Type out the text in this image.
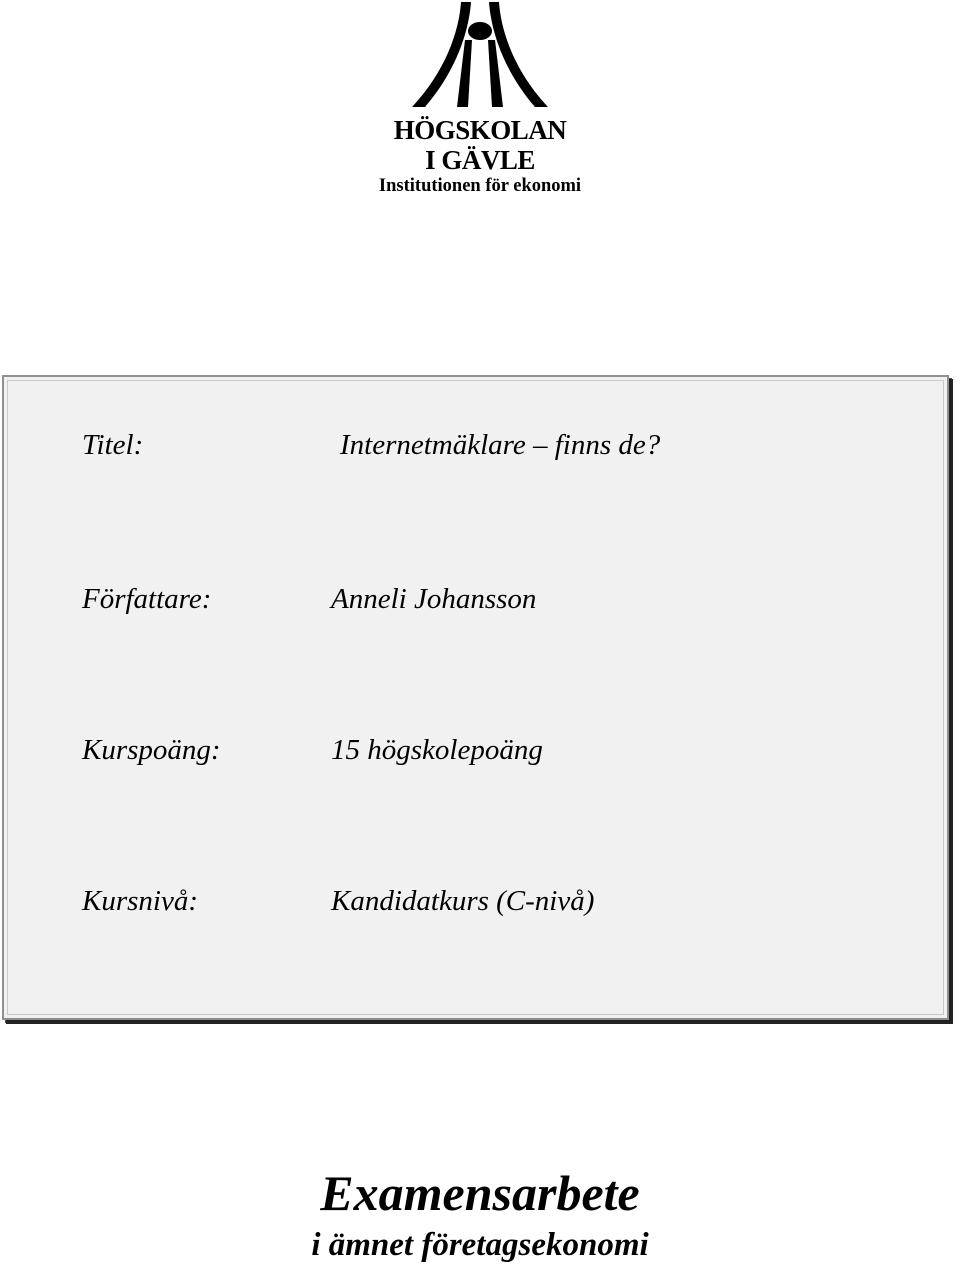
HÖGSKOLAN
I GÄVLE
Institutionen för ekonomi
Titel:	Internetmäklare – finns de?
Författare:	Anneli Johansson
Kurspoäng:	15 högskolepoäng
Kursnivå:	Kandidatkurs (C-nivå)
Examensarbete
i ämnet företagsekonomi
